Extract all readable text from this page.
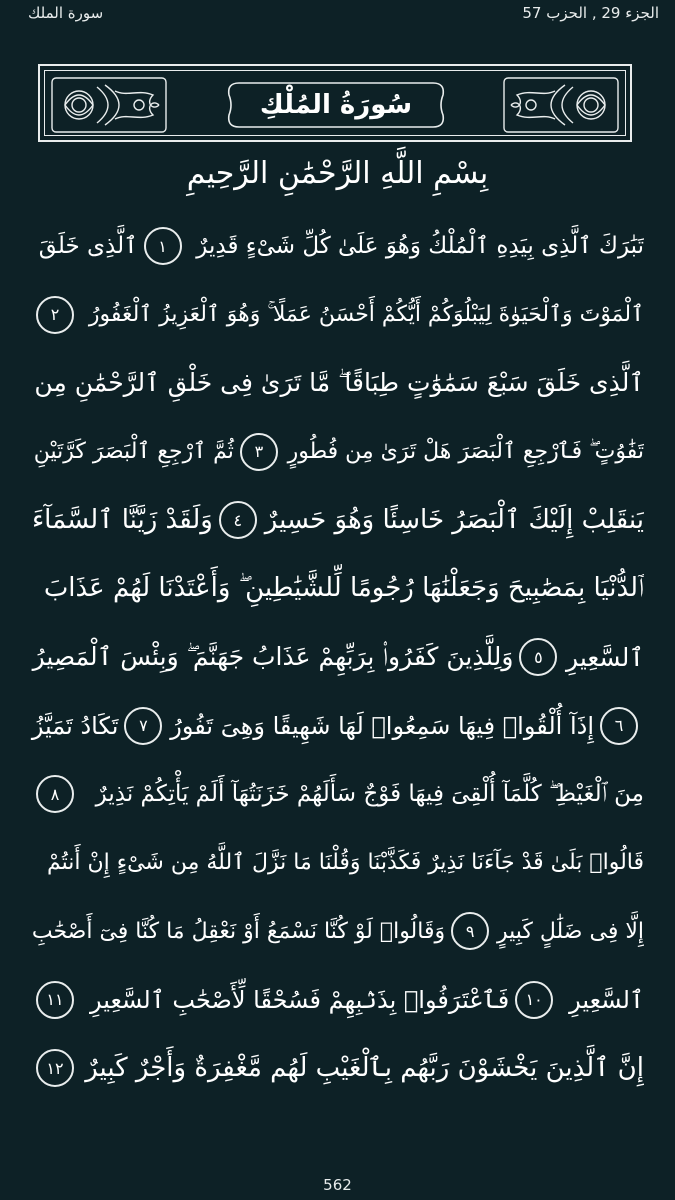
سورة الملك	الجزء 29 , الحزب 57
سُورَةُ المُلْكِ
بِسْمِ اللَّهِ الرَّحْمَٰنِ الرَّحِيمِ
تَبَٰرَكَ ٱلَّذِى بِيَدِهِ ٱلْمُلْكُ وَهُوَ عَلَىٰ كُلِّ شَىْءٍ قَدِيرٌ
١
ٱلَّذِى خَلَقَ
ٱلْمَوْتَ وَٱلْحَيَوٰةَ لِيَبْلُوَكُمْ أَيُّكُمْ أَحْسَنُ عَمَلًا ۚ وَهُوَ ٱلْعَزِيزُ ٱلْغَفُورُ
٢
ٱلَّذِى خَلَقَ سَبْعَ سَمَٰوَٰتٍ طِبَاقًا ۖ مَّا تَرَىٰ فِى خَلْقِ ٱلرَّحْمَٰنِ مِن
تَفَٰوُتٍ ۖ فَٱرْجِعِ ٱلْبَصَرَ هَلْ تَرَىٰ مِن فُطُورٍ
٣
ثُمَّ ٱرْجِعِ ٱلْبَصَرَ كَرَّتَيْنِ
يَنقَلِبْ إِلَيْكَ ٱلْبَصَرُ خَاسِئًا وَهُوَ حَسِيرٌ
٤
وَلَقَدْ زَيَّنَّا ٱلسَّمَآءَ
ٱلدُّنْيَا بِمَصَٰبِيحَ وَجَعَلْنَٰهَا رُجُومًا لِّلشَّيَٰطِينِ ۖ وَأَعْتَدْنَا لَهُمْ عَذَابَ
ٱلسَّعِيرِ
٥
وَلِلَّذِينَ كَفَرُوا۟ بِرَبِّهِمْ عَذَابُ جَهَنَّمَ ۖ وَبِئْسَ ٱلْمَصِيرُ
٦
إِذَآ أُلْقُوا۟ فِيهَا سَمِعُوا۟ لَهَا شَهِيقًا وَهِىَ تَفُورُ
٧
تَكَادُ تَمَيَّزُ
مِنَ ٱلْغَيْظِ ۖ كُلَّمَآ أُلْقِىَ فِيهَا فَوْجٌ سَأَلَهُمْ خَزَنَتُهَآ أَلَمْ يَأْتِكُمْ نَذِيرٌ
٨
قَالُوا۟ بَلَىٰ قَدْ جَآءَنَا نَذِيرٌ فَكَذَّبْنَا وَقُلْنَا مَا نَزَّلَ ٱللَّهُ مِن شَىْءٍ إِنْ أَنتُمْ
إِلَّا فِى ضَلَٰلٍ كَبِيرٍ
٩
وَقَالُوا۟ لَوْ كُنَّا نَسْمَعُ أَوْ نَعْقِلُ مَا كُنَّا فِىٓ أَصْحَٰبِ
ٱلسَّعِيرِ
١٠
فَٱعْتَرَفُوا۟ بِذَنۢبِهِمْ فَسُحْقًا لِّأَصْحَٰبِ ٱلسَّعِيرِ
١١
إِنَّ ٱلَّذِينَ يَخْشَوْنَ رَبَّهُم بِٱلْغَيْبِ لَهُم مَّغْفِرَةٌ وَأَجْرٌ كَبِيرٌ
١٢
562
